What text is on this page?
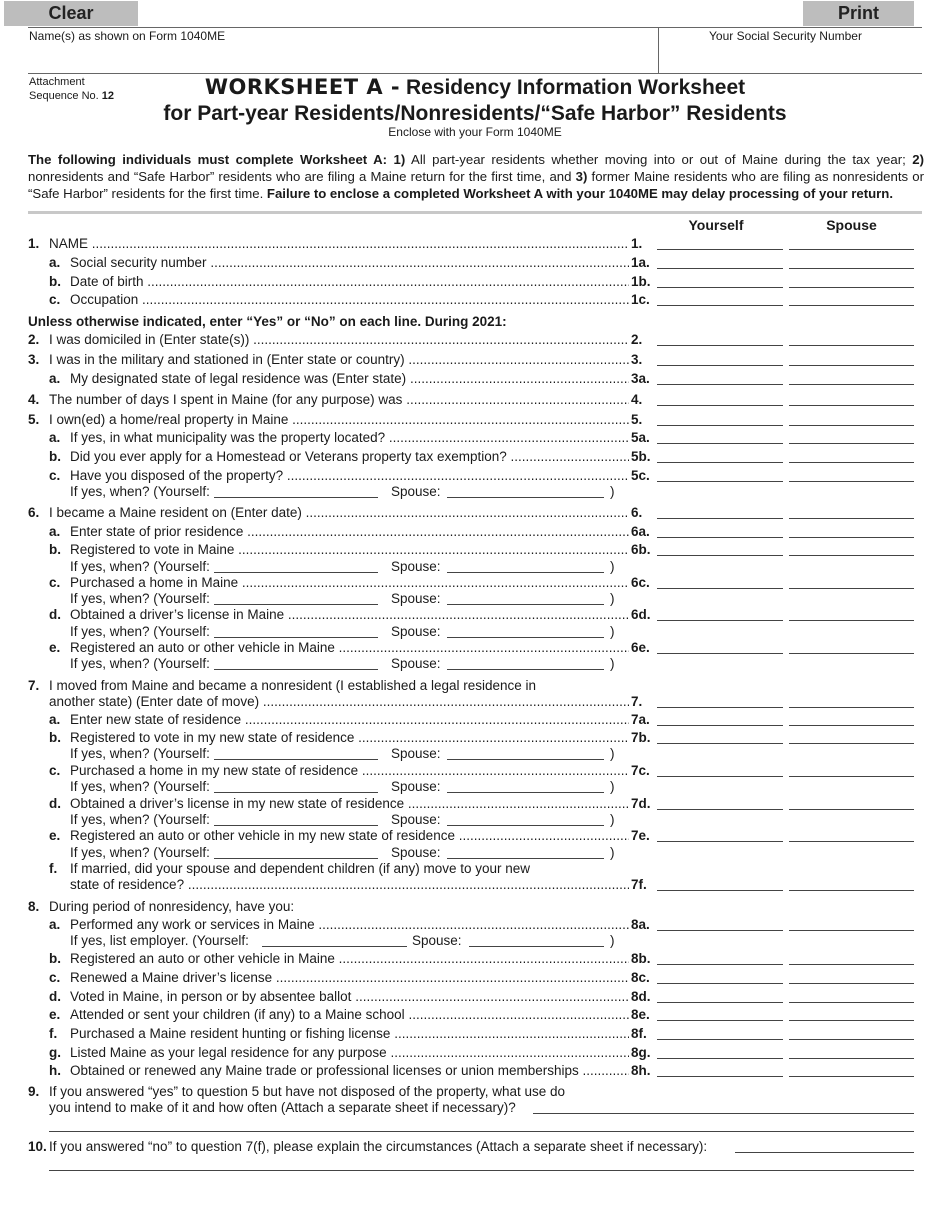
Clear	Print
Name(s) as shown on Form 1040ME	Your Social Security Number
Attachment
Sequence No. 12	WORKSHEET A - Residency Information Worksheet
for Part-year Residents/Nonresidents/“Safe Harbor” Residents
Enclose with your Form 1040ME
The following individuals must complete Worksheet A: 1) All part-year residents whether moving into or out of Maine during the tax year; 2) nonresidents and “Safe Harbor” residents who are filing a Maine return for the first time, and 3) former Maine residents who are filing as nonresidents or “Safe Harbor” residents for the first time. Failure to enclose a completed Worksheet A with your 1040ME may delay processing of your return.
Yourself	Spouse
1. NAME .....	1.
a. Social security number .....	1a.
b. Date of birth .....	1b.
c. Occupation .....	1c.
Unless otherwise indicated, enter “Yes” or “No” on each line. During 2021:
2. I was domiciled in (Enter state(s)) .....	2.
3. I was in the military and stationed in (Enter state or country) .....	3.
a. My designated state of legal residence was (Enter state) .....	3a.
4. The number of days I spent in Maine (for any purpose) was .....	4.
5. I own(ed) a home/real property in Maine .....	5.
a. If yes, in what municipality was the property located? .....	5a.
b. Did you ever apply for a Homestead or Veterans property tax exemption? .....	5b.
c. Have you disposed of the property? .....	5c.
If yes, when? (Yourself:	Spouse:	)
6. I became a Maine resident on (Enter date) .....	6.
a. Enter state of prior residence .....	6a.
b. Registered to vote in Maine .....	6b.
If yes, when? (Yourself:	Spouse:	)
c. Purchased a home in Maine .....	6c.
If yes, when? (Yourself:	Spouse:	)
d. Obtained a driver’s license in Maine .....	6d.
If yes, when? (Yourself:	Spouse:	)
e. Registered an auto or other vehicle in Maine .....	6e.
If yes, when? (Yourself:	Spouse:	)
7. I moved from Maine and became a nonresident (I established a legal residence in
another state) (Enter date of move) .....	7.
a. Enter new state of residence .....	7a.
b. Registered to vote in my new state of residence .....	7b.
If yes, when? (Yourself:	Spouse:	)
c. Purchased a home in my new state of residence .....	7c.
If yes, when? (Yourself:	Spouse:	)
d. Obtained a driver’s license in my new state of residence .....	7d.
If yes, when? (Yourself:	Spouse:	)
e. Registered an auto or other vehicle in my new state of residence .....	7e.
If yes, when? (Yourself:	Spouse:	)
f. If married, did your spouse and dependent children (if any) move to your new
state of residence? .....	7f.
8. During period of nonresidency, have you:
a. Performed any work or services in Maine .....	8a.
If yes, list employer. (Yourself:	Spouse:	)
b. Registered an auto or other vehicle in Maine .....	8b.
c. Renewed a Maine driver’s license .....	8c.
d. Voted in Maine, in person or by absentee ballot .....	8d.
e. Attended or sent your children (if any) to a Maine school .....	8e.
f. Purchased a Maine resident hunting or fishing license .....	8f.
g. Listed Maine as your legal residence for any purpose .....	8g.
h. Obtained or renewed any Maine trade or professional licenses or union memberships .....	8h.
9. If you answered “yes” to question 5 but have not disposed of the property, what use do
you intend to make of it and how often (Attach a separate sheet if necessary)?
10. If you answered “no” to question 7(f), please explain the circumstances (Attach a separate sheet if necessary):
